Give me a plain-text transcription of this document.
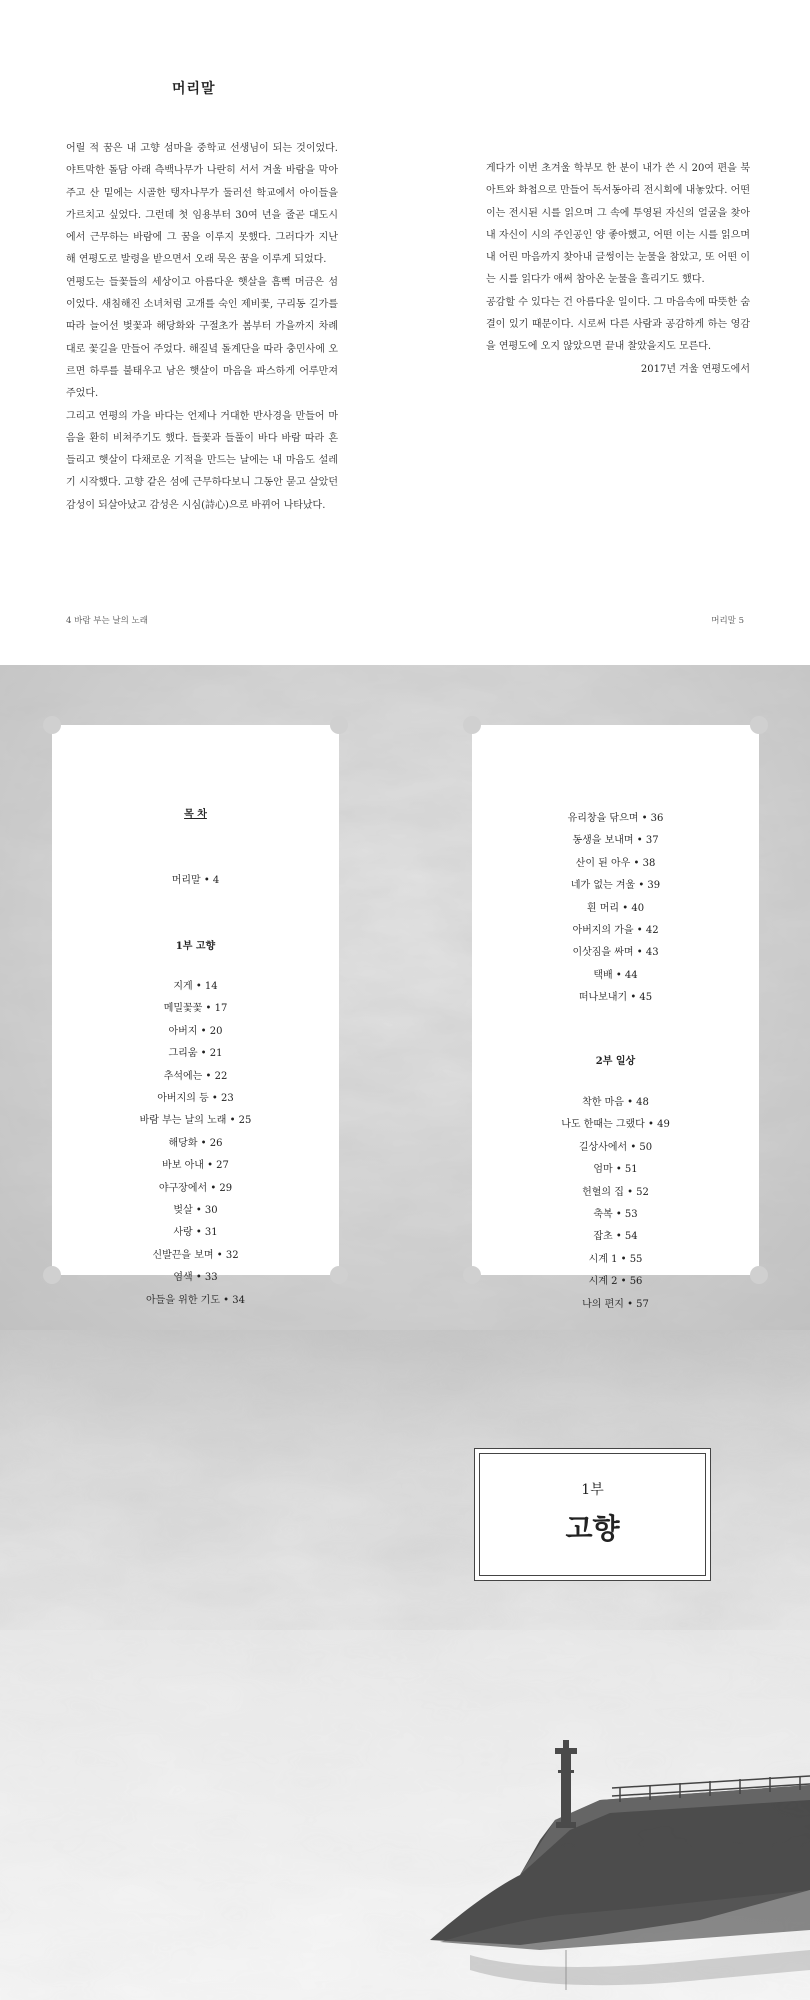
머리말

어릴 적 꿈은 내 고향 섬마을 중학교 선생님이 되는 것이었다. 야트막한 돌담 아래 측백나무가 나란히 서서 겨울 바람을 막아주고 산 밑에는 시골한 탱자나무가 둘러선 학교에서 아이들을 가르치고 싶었다. 그런데 첫 임용부터 30여 년을 줄곧 대도시에서 근무하는 바람에 그 꿈을 이루지 못했다. 그러다가 지난 해 연평도로 발령을 받으면서 오래 묵은 꿈을 이루게 되었다.

연평도는 들꽃들의 세상이고 아름다운 햇살을 흠뻑 머금은 섬이었다. 새침해진 소녀처럼 고개를 숙인 제비꽃, 구리동 길가를 따라 늘어선 벚꽃과 해당화와 구절초가 봄부터 가을까지 차례대로 꽃길을 만들어 주었다. 해질녘 돌계단을 따라 충민사에 오르면 하루를 불태우고 남은 햇살이 마음을 파스하게 어루만져 주었다.

그리고 연평의 가을 바다는 언제나 거대한 반사경을 만들어 마음을 환히 비쳐주기도 했다. 들꽃과 들풀이 바다 바람 따라 흔들리고 햇살이 다채로운 기적을 만드는 날에는 내 마음도 설레기 시작했다. 고향 같은 섬에 근무하다보니 그동안 묻고 살았던 감성이 되살아났고 감성은 시심(詩心)으로 바뀌어 나타났다.

게다가 이번 초겨울 학부모 한 분이 내가 쓴 시 20여 편을 북아트와 화첩으로 만들어 독서동아리 전시회에 내놓았다. 어떤 이는 전시된 시를 읽으며 그 속에 투영된 자신의 얼굴을 찾아내 자신이 시의 주인공인 양 좋아했고, 어떤 이는 시를 읽으며 내 어린 마음까지 찾아내 글썽이는 눈물을 참았고, 또 어떤 이는 시를 읽다가 애써 참아온 눈물을 흘리기도 했다.

공감할 수 있다는 건 아름다운 일이다. 그 마음속에 따뜻한 숨결이 있기 때문이다. 시로써 다른 사람과 공감하게 하는 영감을 연평도에 오지 않았으면 끝내 찰았을지도 모른다.

2017년 겨울 연평도에서

4 바람 부는 날의 노래	머리말 5
목 차
머리말 • 4
1부 고향
지게 • 14
메밀꽃꽃 • 17
아버지 • 20
그리움 • 21
추석에는 • 22
아버지의 등 • 23
바람 부는 날의 노래 • 25
해당화 • 26
바보 아내 • 27
야구장에서 • 29
벚살 • 30
사랑 • 31
신발끈을 보며 • 32
염색 • 33
아들을 위한 기도 • 34
2부 일상
유리창을 닦으며 • 36
동생을 보내며 • 37
산이 된 아우 • 38
네가 없는 겨울 • 39
흰 머리 • 40
아버지의 가을 • 42
이삿짐을 싸며 • 43
택배 • 44
떠나보내기 • 45
착한 마음 • 48
나도 한때는 그랬다 • 49
길상사에서 • 50
엄마 • 51
헌혈의 집 • 52
축복 • 53
잡초 • 54
시계 1 • 55
시계 2 • 56
나의 편지 • 57
1부
고향
